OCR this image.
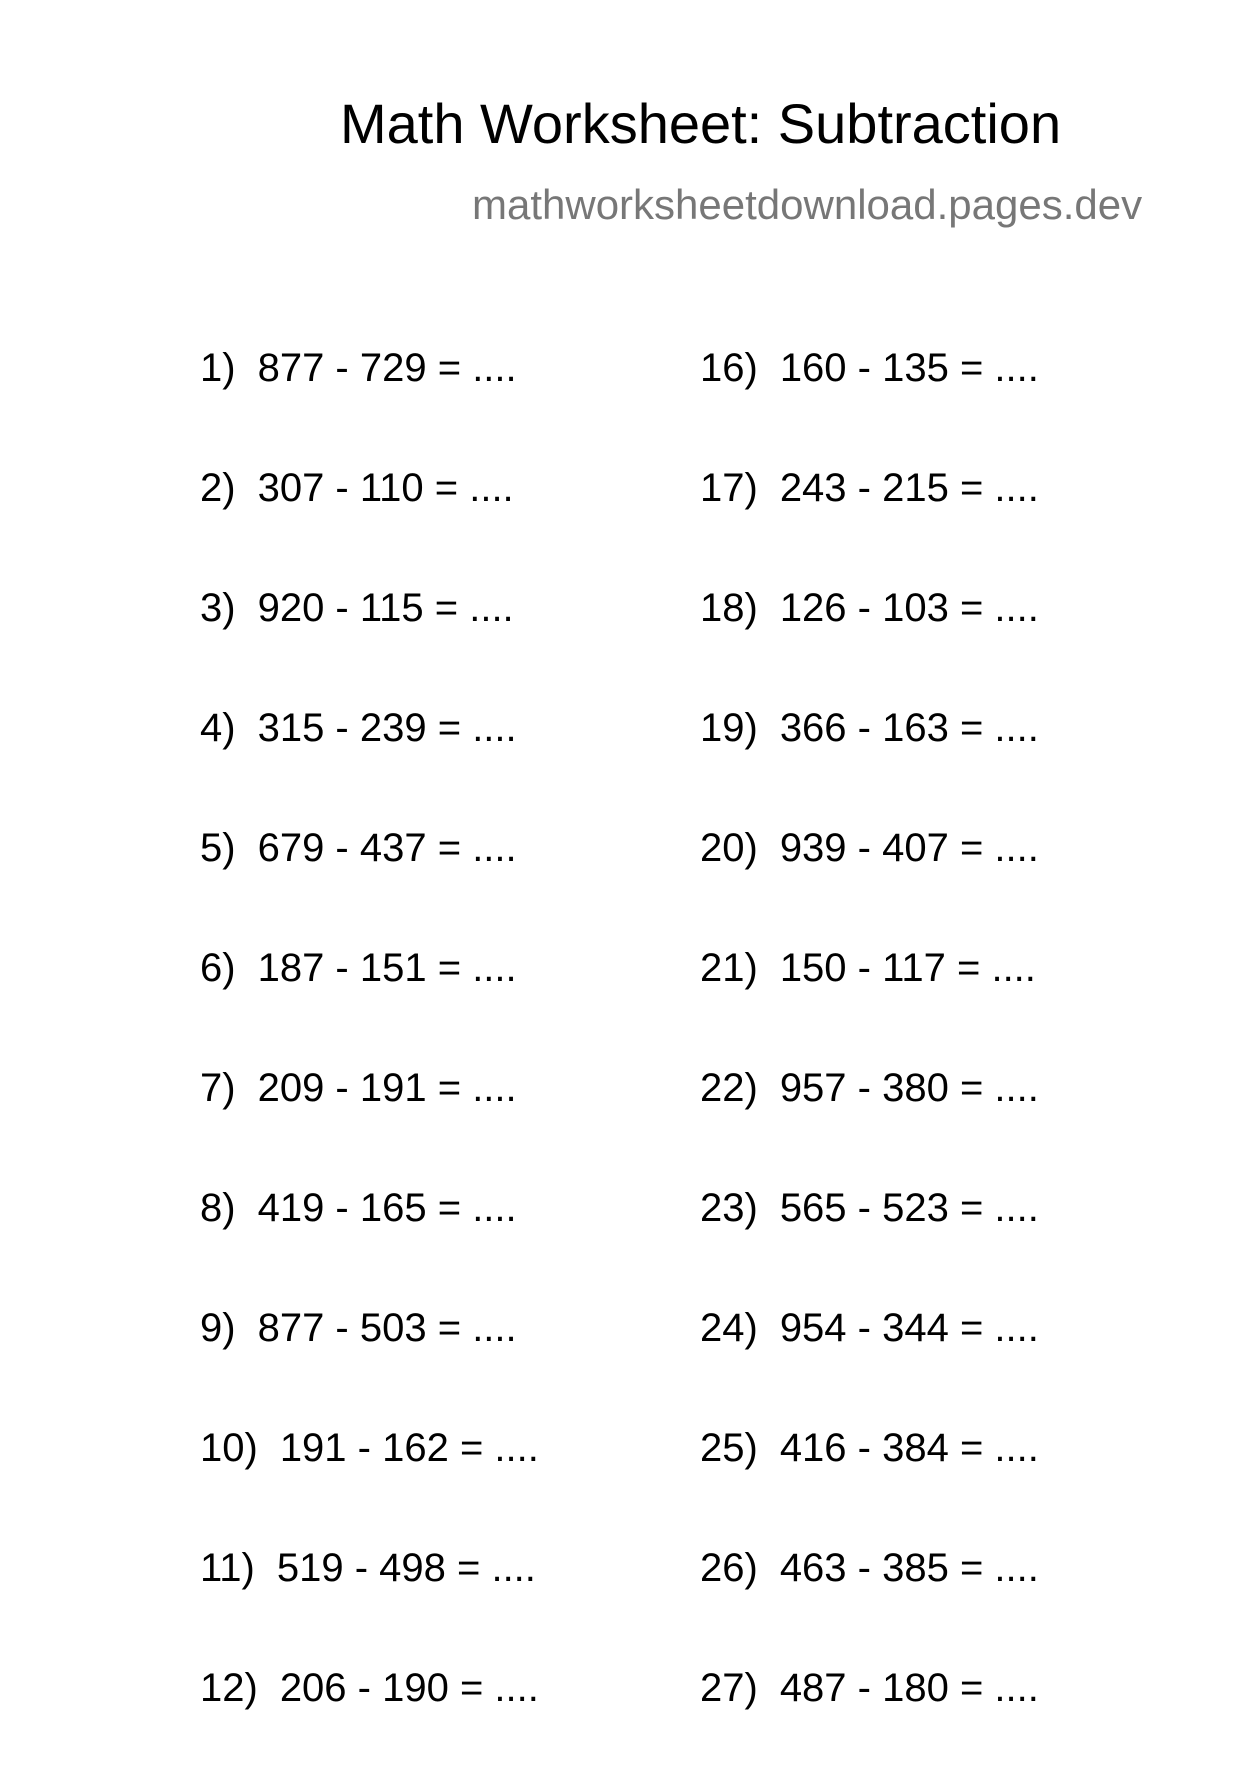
Math Worksheet: Subtraction
mathworksheetdownload.pages.dev
1) 877 - 729 = ....
2) 307 - 110 = ....
3) 920 - 115 = ....
4) 315 - 239 = ....
5) 679 - 437 = ....
6) 187 - 151 = ....
7) 209 - 191 = ....
8) 419 - 165 = ....
9) 877 - 503 = ....
10) 191 - 162 = ....
11) 519 - 498 = ....
12) 206 - 190 = ....
16) 160 - 135 = ....
17) 243 - 215 = ....
18) 126 - 103 = ....
19) 366 - 163 = ....
20) 939 - 407 = ....
21) 150 - 117 = ....
22) 957 - 380 = ....
23) 565 - 523 = ....
24) 954 - 344 = ....
25) 416 - 384 = ....
26) 463 - 385 = ....
27) 487 - 180 = ....
